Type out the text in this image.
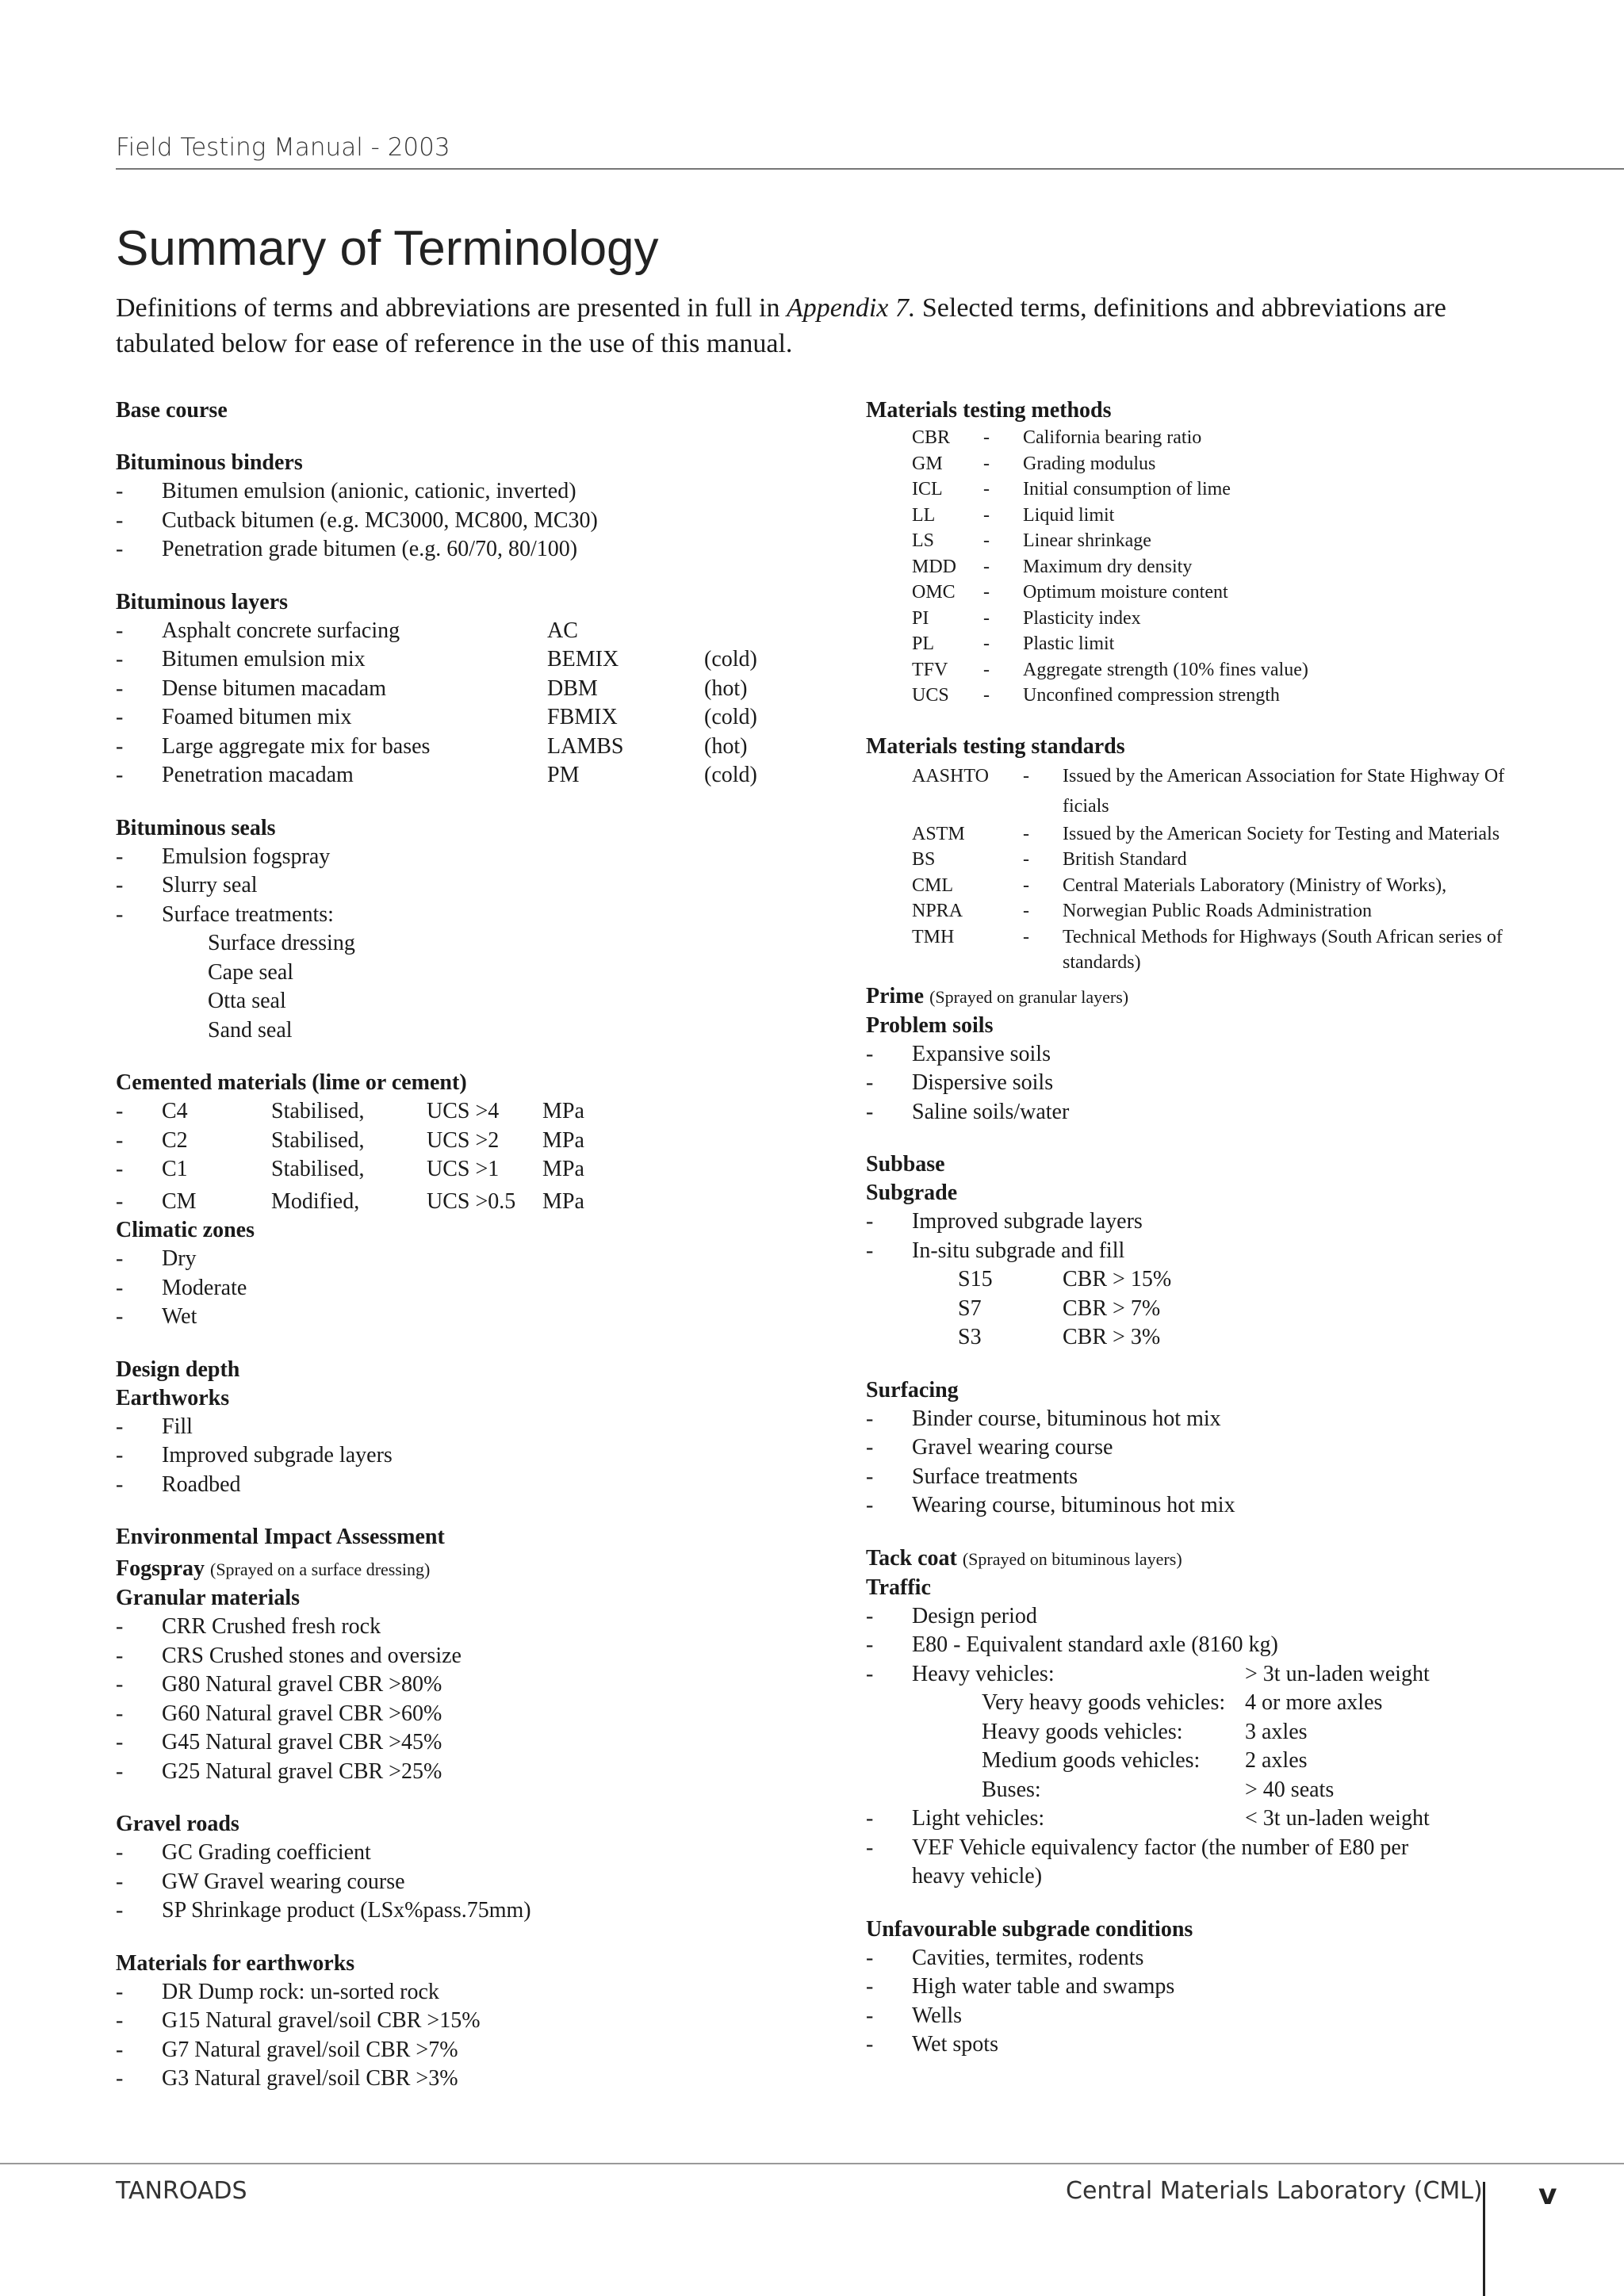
Field Testing Manual - 2003
Summary of Terminology
Definitions of terms and abbreviations are presented in full in Appendix 7. Selected terms, definitions and abbreviations are tabulated below for ease of reference in the use of this manual.
Base course
Bituminous binders
-	Bitumen emulsion (anionic, cationic, inverted)
-	Cutback bitumen (e.g. MC3000, MC800, MC30)
-	Penetration grade bitumen (e.g. 60/70, 80/100)
Bituminous layers
-	Asphalt concrete surfacing	AC
-	Bitumen emulsion mix	BEMIX	(cold)
-	Dense bitumen macadam	DBM	(hot)
-	Foamed bitumen mix	FBMIX	(cold)
-	Large aggregate mix for bases	LAMBS	(hot)
-	Penetration macadam	PM	(cold)
Bituminous seals
-	Emulsion fogspray
-	Slurry seal
-	Surface treatments:
Surface dressing
Cape seal
Otta seal
Sand seal
Cemented materials (lime or cement)
-	C4	Stabilised,	UCS >4	MPa
-	C2	Stabilised,	UCS >2	MPa
-	C1	Stabilised,	UCS >1	MPa
-	CM	Modified,	UCS >0.5	MPa
Climatic zones
-	Dry
-	Moderate
-	Wet
Design depth
Earthworks
-	Fill
-	Improved subgrade layers
-	Roadbed
Environmental Impact Assessment
Fogspray (Sprayed on a surface dressing)
Granular materials
-	CRR Crushed fresh rock
-	CRS Crushed stones and oversize
-	G80 Natural gravel CBR >80%
-	G60 Natural gravel CBR >60%
-	G45 Natural gravel CBR >45%
-	G25 Natural gravel CBR >25%
Gravel roads
-	GC Grading coefficient
-	GW Gravel wearing course
-	SP Shrinkage product (LSx%pass.75mm)
Materials for earthworks
-	DR Dump rock: un-sorted rock
-	G15 Natural gravel/soil CBR >15%
-	G7 Natural gravel/soil CBR >7%
-	G3 Natural gravel/soil CBR >3%
Materials testing methods
CBR	-	California bearing ratio
GM	-	Grading modulus
ICL	-	Initial consumption of lime
LL	-	Liquid limit
LS	-	Linear shrinkage
MDD	-	Maximum dry density
OMC	-	Optimum moisture content
PI	-	Plasticity index
PL	-	Plastic limit
TFV	-	Aggregate strength (10% fines value)
UCS	-	Unconfined compression strength
Materials testing standards
AASHTO	-	Issued by the American Association for State Highway Of
ficials
ASTM	-	Issued by the American Society for Testing and Materials
BS	-	British Standard
CML	-	Central Materials Laboratory (Ministry of Works),
NPRA	-	Norwegian Public Roads Administration
TMH	-	Technical Methods for Highways (South African series of
standards)
Prime (Sprayed on granular layers)
Problem soils
-	Expansive soils
-	Dispersive soils
-	Saline soils/water
Subbase
Subgrade
-	Improved subgrade layers
-	In-situ subgrade and fill
S15	CBR > 15%
S7	CBR > 7%
S3	CBR > 3%
Surfacing
-	Binder course, bituminous hot mix
-	Gravel wearing course
-	Surface treatments
-	Wearing course, bituminous hot mix
Tack coat (Sprayed on bituminous layers)
Traffic
-	Design period
-	E80 - Equivalent standard axle (8160 kg)
-	Heavy vehicles:	> 3t un-laden weight
Very heavy goods vehicles: 4 or more axles
Heavy goods vehicles:	3 axles
Medium goods vehicles:	2 axles
Buses:	> 40 seats
-	Light vehicles:	< 3t un-laden weight
-	VEF Vehicle equivalency factor (the number of E80 per
heavy vehicle)
Unfavourable subgrade conditions
-	Cavities, termites, rodents
-	High water table and swamps
-	Wells
-	Wet spots
TANROADS	Central Materials Laboratory (CML) v
